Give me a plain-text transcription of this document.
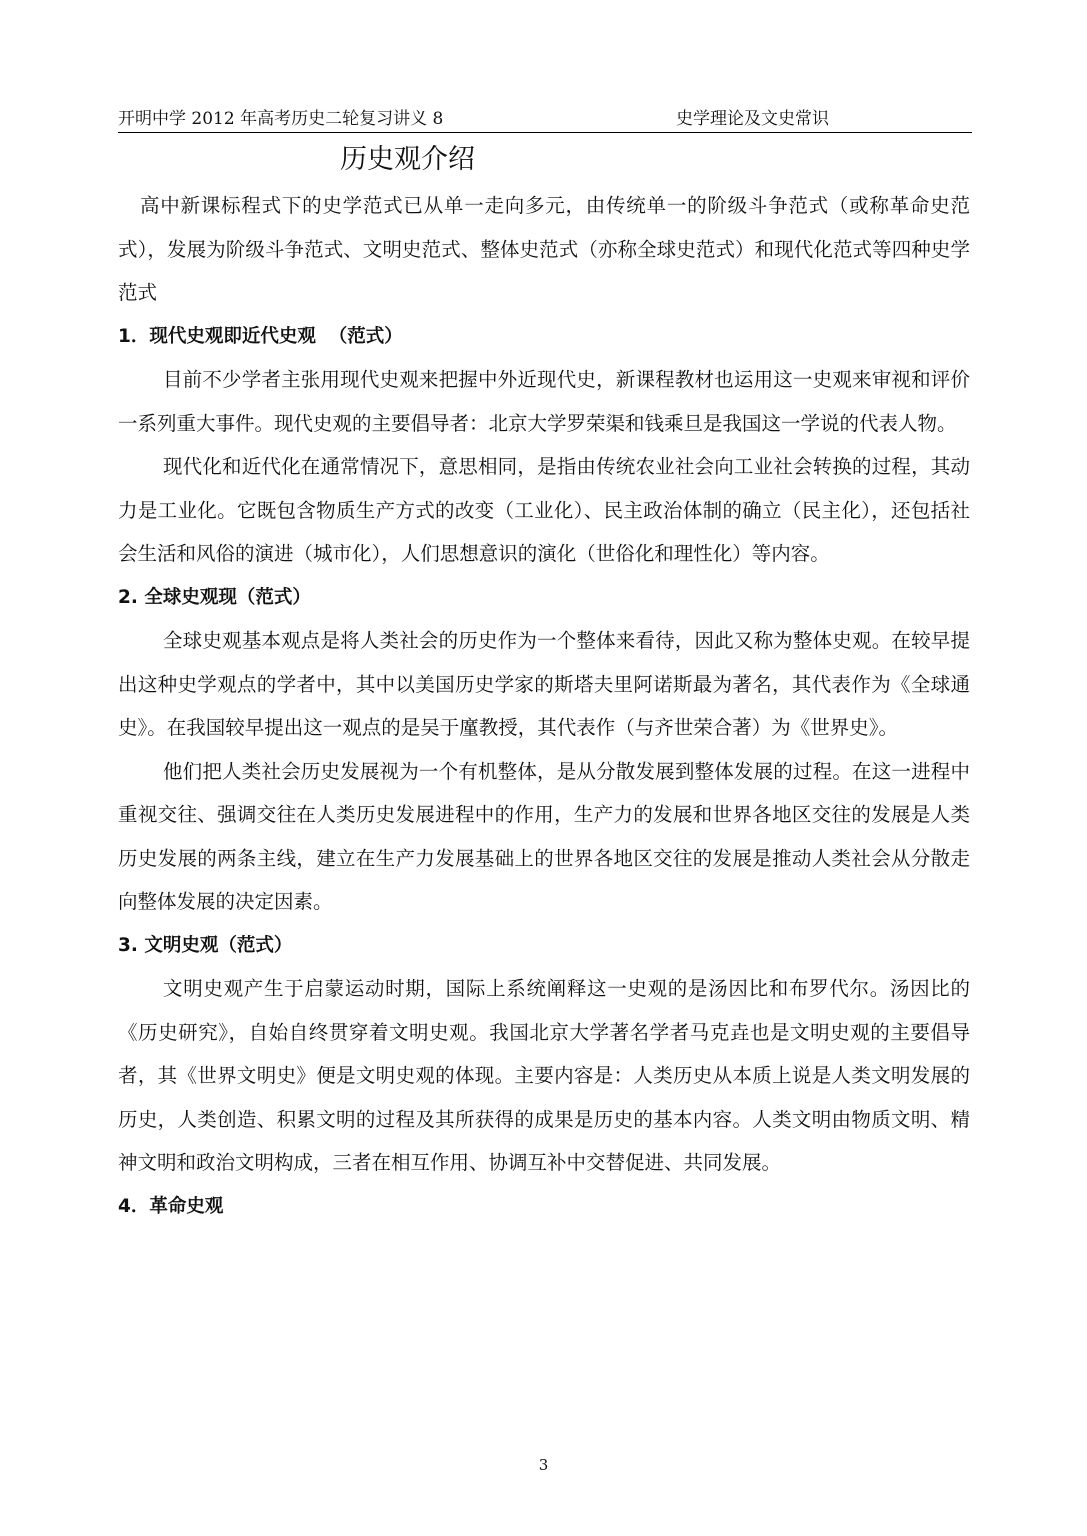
开明中学 2012 年高考历史二轮复习讲义 8	史学理论及文史常识
历史观介绍

高中新课标程式下的史学范式已从单一走向多元，由传统单一的阶级斗争范式（或称革命史范式），发展为阶级斗争范式、文明史范式、整体史范式（亦称全球史范式）和现代化范式等四种史学范式

1．现代史观即近代史观  （范式）

目前不少学者主张用现代史观来把握中外近现代史，新课程教材也运用这一史观来审视和评价一系列重大事件。现代史观的主要倡导者：北京大学罗荣渠和钱乘旦是我国这一学说的代表人物。

现代化和近代化在通常情况下，意思相同，是指由传统农业社会向工业社会转换的过程，其动力是工业化。它既包含物质生产方式的改变（工业化）、民主政治体制的确立（民主化），还包括社会生活和风俗的演进（城市化），人们思想意识的演化（世俗化和理性化）等内容。

2. 全球史观现（范式）

全球史观基本观点是将人类社会的历史作为一个整体来看待，因此又称为整体史观。在较早提出这种史学观点的学者中，其中以美国历史学家的斯塔夫里阿诺斯最为著名，其代表作为《全球通史》。在我国较早提出这一观点的是吴于廑教授，其代表作（与齐世荣合著）为《世界史》。

他们把人类社会历史发展视为一个有机整体，是从分散发展到整体发展的过程。在这一进程中重视交往、强调交往在人类历史发展进程中的作用，生产力的发展和世界各地区交往的发展是人类历史发展的两条主线，建立在生产力发展基础上的世界各地区交往的发展是推动人类社会从分散走向整体发展的决定因素。

3. 文明史观（范式）

文明史观产生于启蒙运动时期，国际上系统阐释这一史观的是汤因比和布罗代尔。汤因比的《历史研究》，自始自终贯穿着文明史观。我国北京大学著名学者马克垚也是文明史观的主要倡导者，其《世界文明史》便是文明史观的体现。主要内容是：人类历史从本质上说是人类文明发展的历史，人类创造、积累文明的过程及其所获得的成果是历史的基本内容。人类文明由物质文明、精神文明和政治文明构成，三者在相互作用、协调互补中交替促进、共同发展。

4．革命史观

3
